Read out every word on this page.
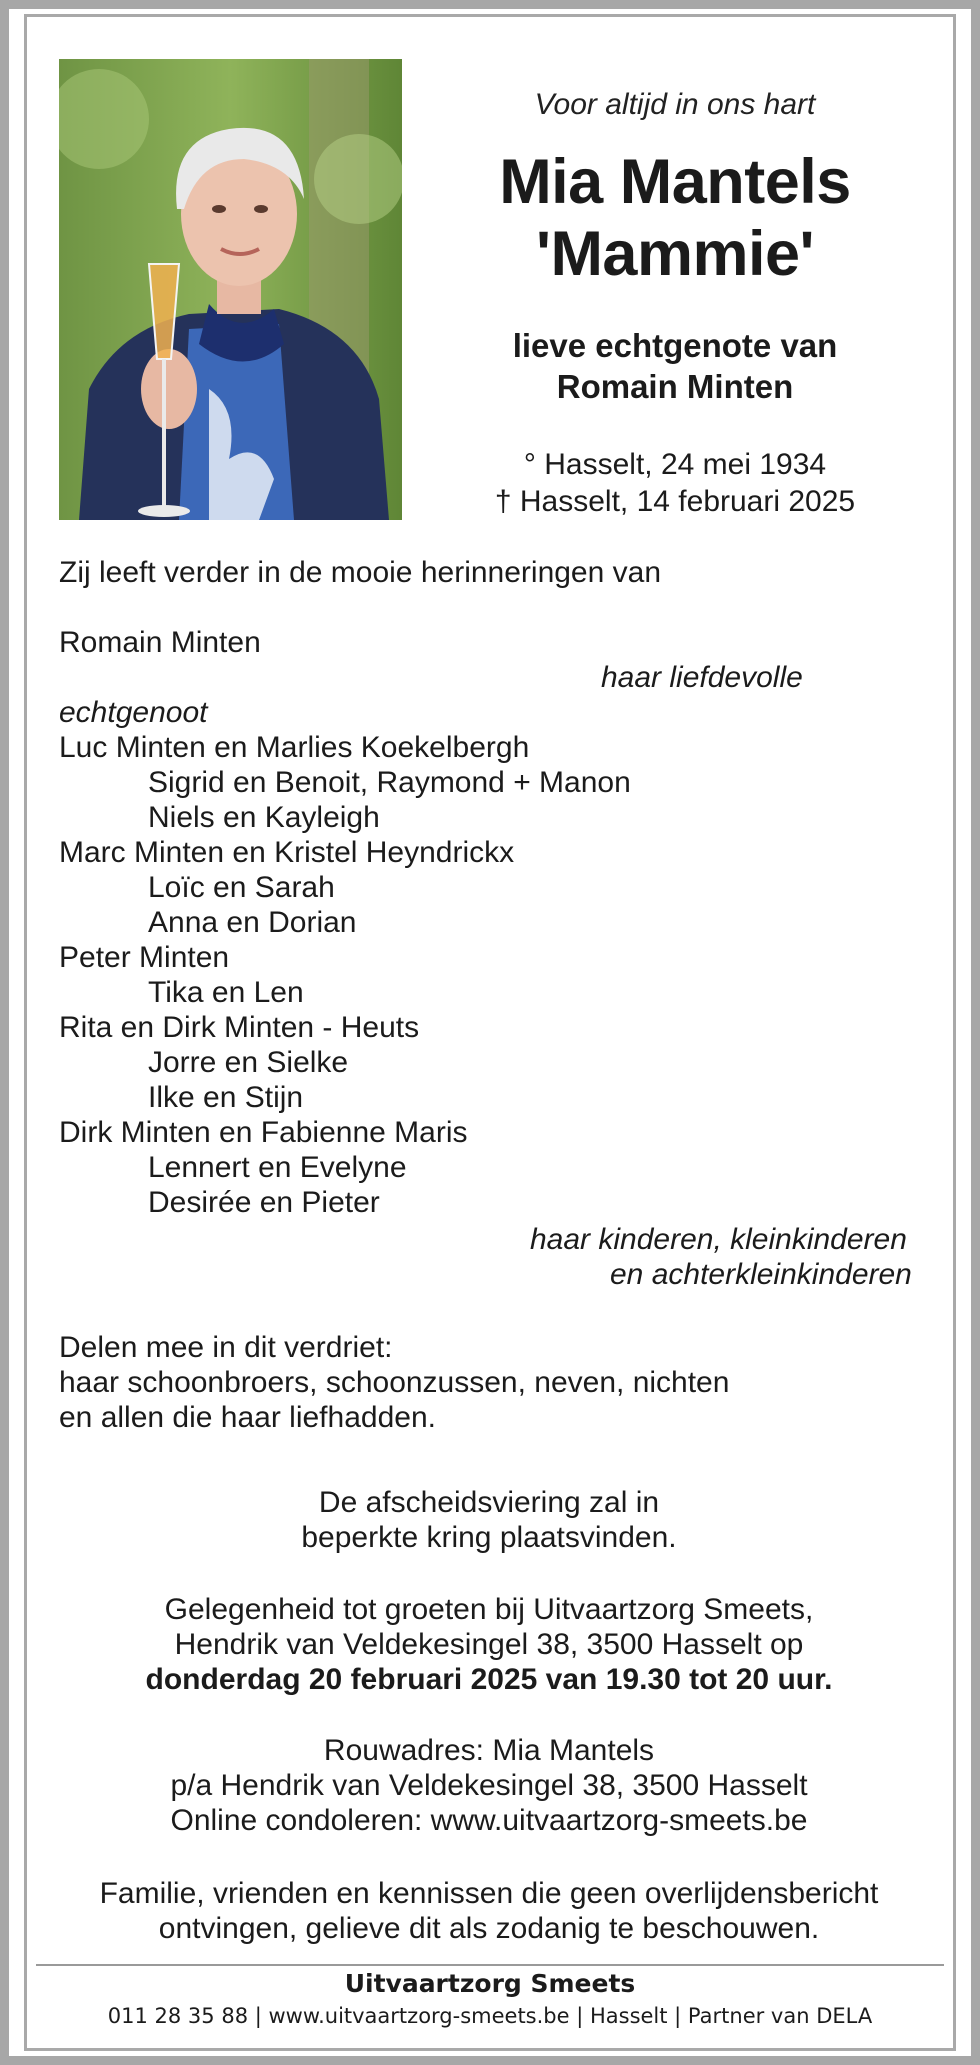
Voor altijd in ons hart
Mia Mantels
'Mammie'
lieve echtgenote van
Romain Minten
° Hasselt, 24 mei 1934
† Hasselt, 14 februari 2025
Zij leeft verder in de mooie herinneringen van
Romain Minten
haar liefdevolle
echtgenoot
Luc Minten en Marlies Koekelbergh
Sigrid en Benoit, Raymond + Manon
Niels en Kayleigh
Marc Minten en Kristel Heyndrickx
Loïc en Sarah
Anna en Dorian
Peter Minten
Tika en Len
Rita en Dirk Minten - Heuts
Jorre en Sielke
Ilke en Stijn
Dirk Minten en Fabienne Maris
Lennert en Evelyne
Desirée en Pieter
haar kinderen, kleinkinderen
en achterkleinkinderen
Delen mee in dit verdriet:
haar schoonbroers, schoonzussen, neven, nichten
en allen die haar liefhadden.
De afscheidsviering zal in
beperkte kring plaatsvinden.
Gelegenheid tot groeten bij Uitvaartzorg Smeets,
Hendrik van Veldekesingel 38, 3500 Hasselt op
donderdag 20 februari 2025 van 19.30 tot 20 uur.
Rouwadres: Mia Mantels
p/a Hendrik van Veldekesingel 38, 3500 Hasselt
Online condoleren: www.uitvaartzorg-smeets.be
Familie, vrienden en kennissen die geen overlijdensbericht
ontvingen, gelieve dit als zodanig te beschouwen.
Uitvaartzorg Smeets
011 28 35 88 | www.uitvaartzorg-smeets.be | Hasselt | Partner van DELA
